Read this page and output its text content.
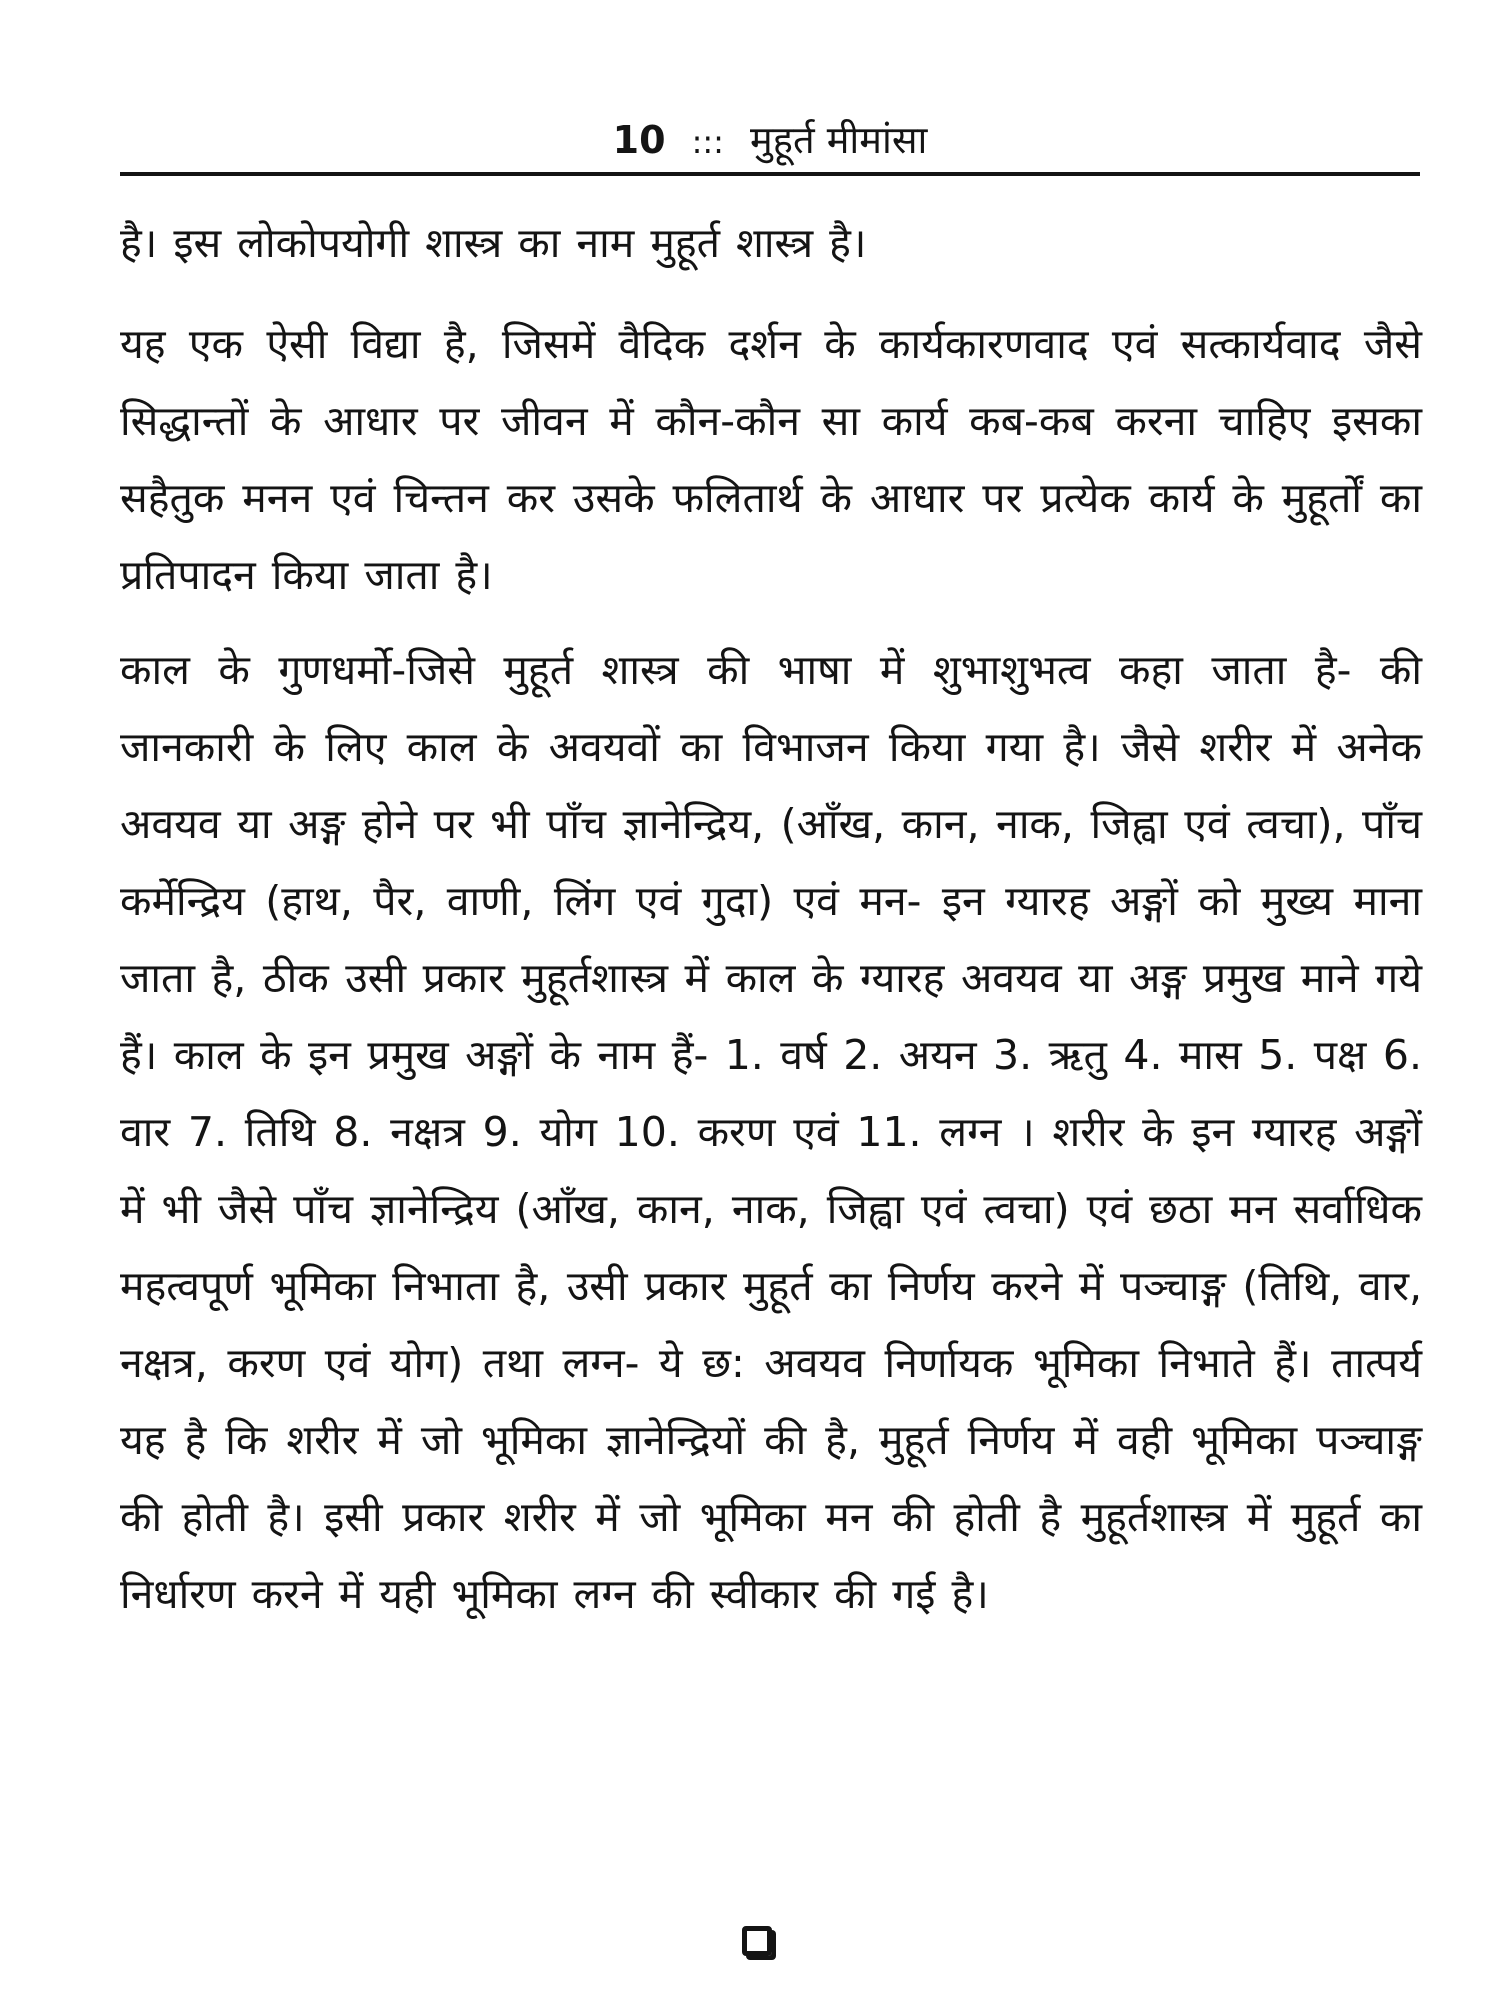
10 ::: मुहूर्त मीमांसा

है। इस लोकोपयोगी शास्त्र का नाम मुहूर्त शास्त्र है।

यह एक ऐसी विद्या है, जिसमें वैदिक दर्शन के कार्यकारणवाद एवं सत्कार्यवाद जैसे सिद्धान्तों के आधार पर जीवन में कौन-कौन सा कार्य कब-कब करना चाहिए इसका सहैतुक मनन एवं चिन्तन कर उसके फलितार्थ के आधार पर प्रत्येक कार्य के मुहूर्तों का प्रतिपादन किया जाता है।

काल के गुणधर्मो-जिसे मुहूर्त शास्त्र की भाषा में शुभाशुभत्व कहा जाता है- की जानकारी के लिए काल के अवयवों का विभाजन किया गया है। जैसे शरीर में अनेक अवयव या अङ्ग होने पर भी पाँच ज्ञानेन्द्रिय, (आँख, कान, नाक, जिह्वा एवं त्वचा), पाँच कर्मेन्द्रिय (हाथ, पैर, वाणी, लिंग एवं गुदा) एवं मन- इन ग्यारह अङ्गों को मुख्य माना जाता है, ठीक उसी प्रकार मुहूर्तशास्त्र में काल के ग्यारह अवयव या अङ्ग प्रमुख माने गये हैं। काल के इन प्रमुख अङ्गों के नाम हैं- 1. वर्ष 2. अयन 3. ऋतु 4. मास 5. पक्ष 6. वार 7. तिथि 8. नक्षत्र 9. योग 10. करण एवं 11. लग्न । शरीर के इन ग्यारह अङ्गों में भी जैसे पाँच ज्ञानेन्द्रिय (आँख, कान, नाक, जिह्वा एवं त्वचा) एवं छठा मन सर्वाधिक महत्वपूर्ण भूमिका निभाता है, उसी प्रकार मुहूर्त का निर्णय करने में पञ्चाङ्ग (तिथि, वार, नक्षत्र, करण एवं योग) तथा लग्न- ये छ: अवयव निर्णायक भूमिका निभाते हैं। तात्पर्य यह है कि शरीर में जो भूमिका ज्ञानेन्द्रियों की है, मुहूर्त निर्णय में वही भूमिका पञ्चाङ्ग की होती है। इसी प्रकार शरीर में जो भूमिका मन की होती है मुहूर्तशास्त्र में मुहूर्त का निर्धारण करने में यही भूमिका लग्न की स्वीकार की गई है।
